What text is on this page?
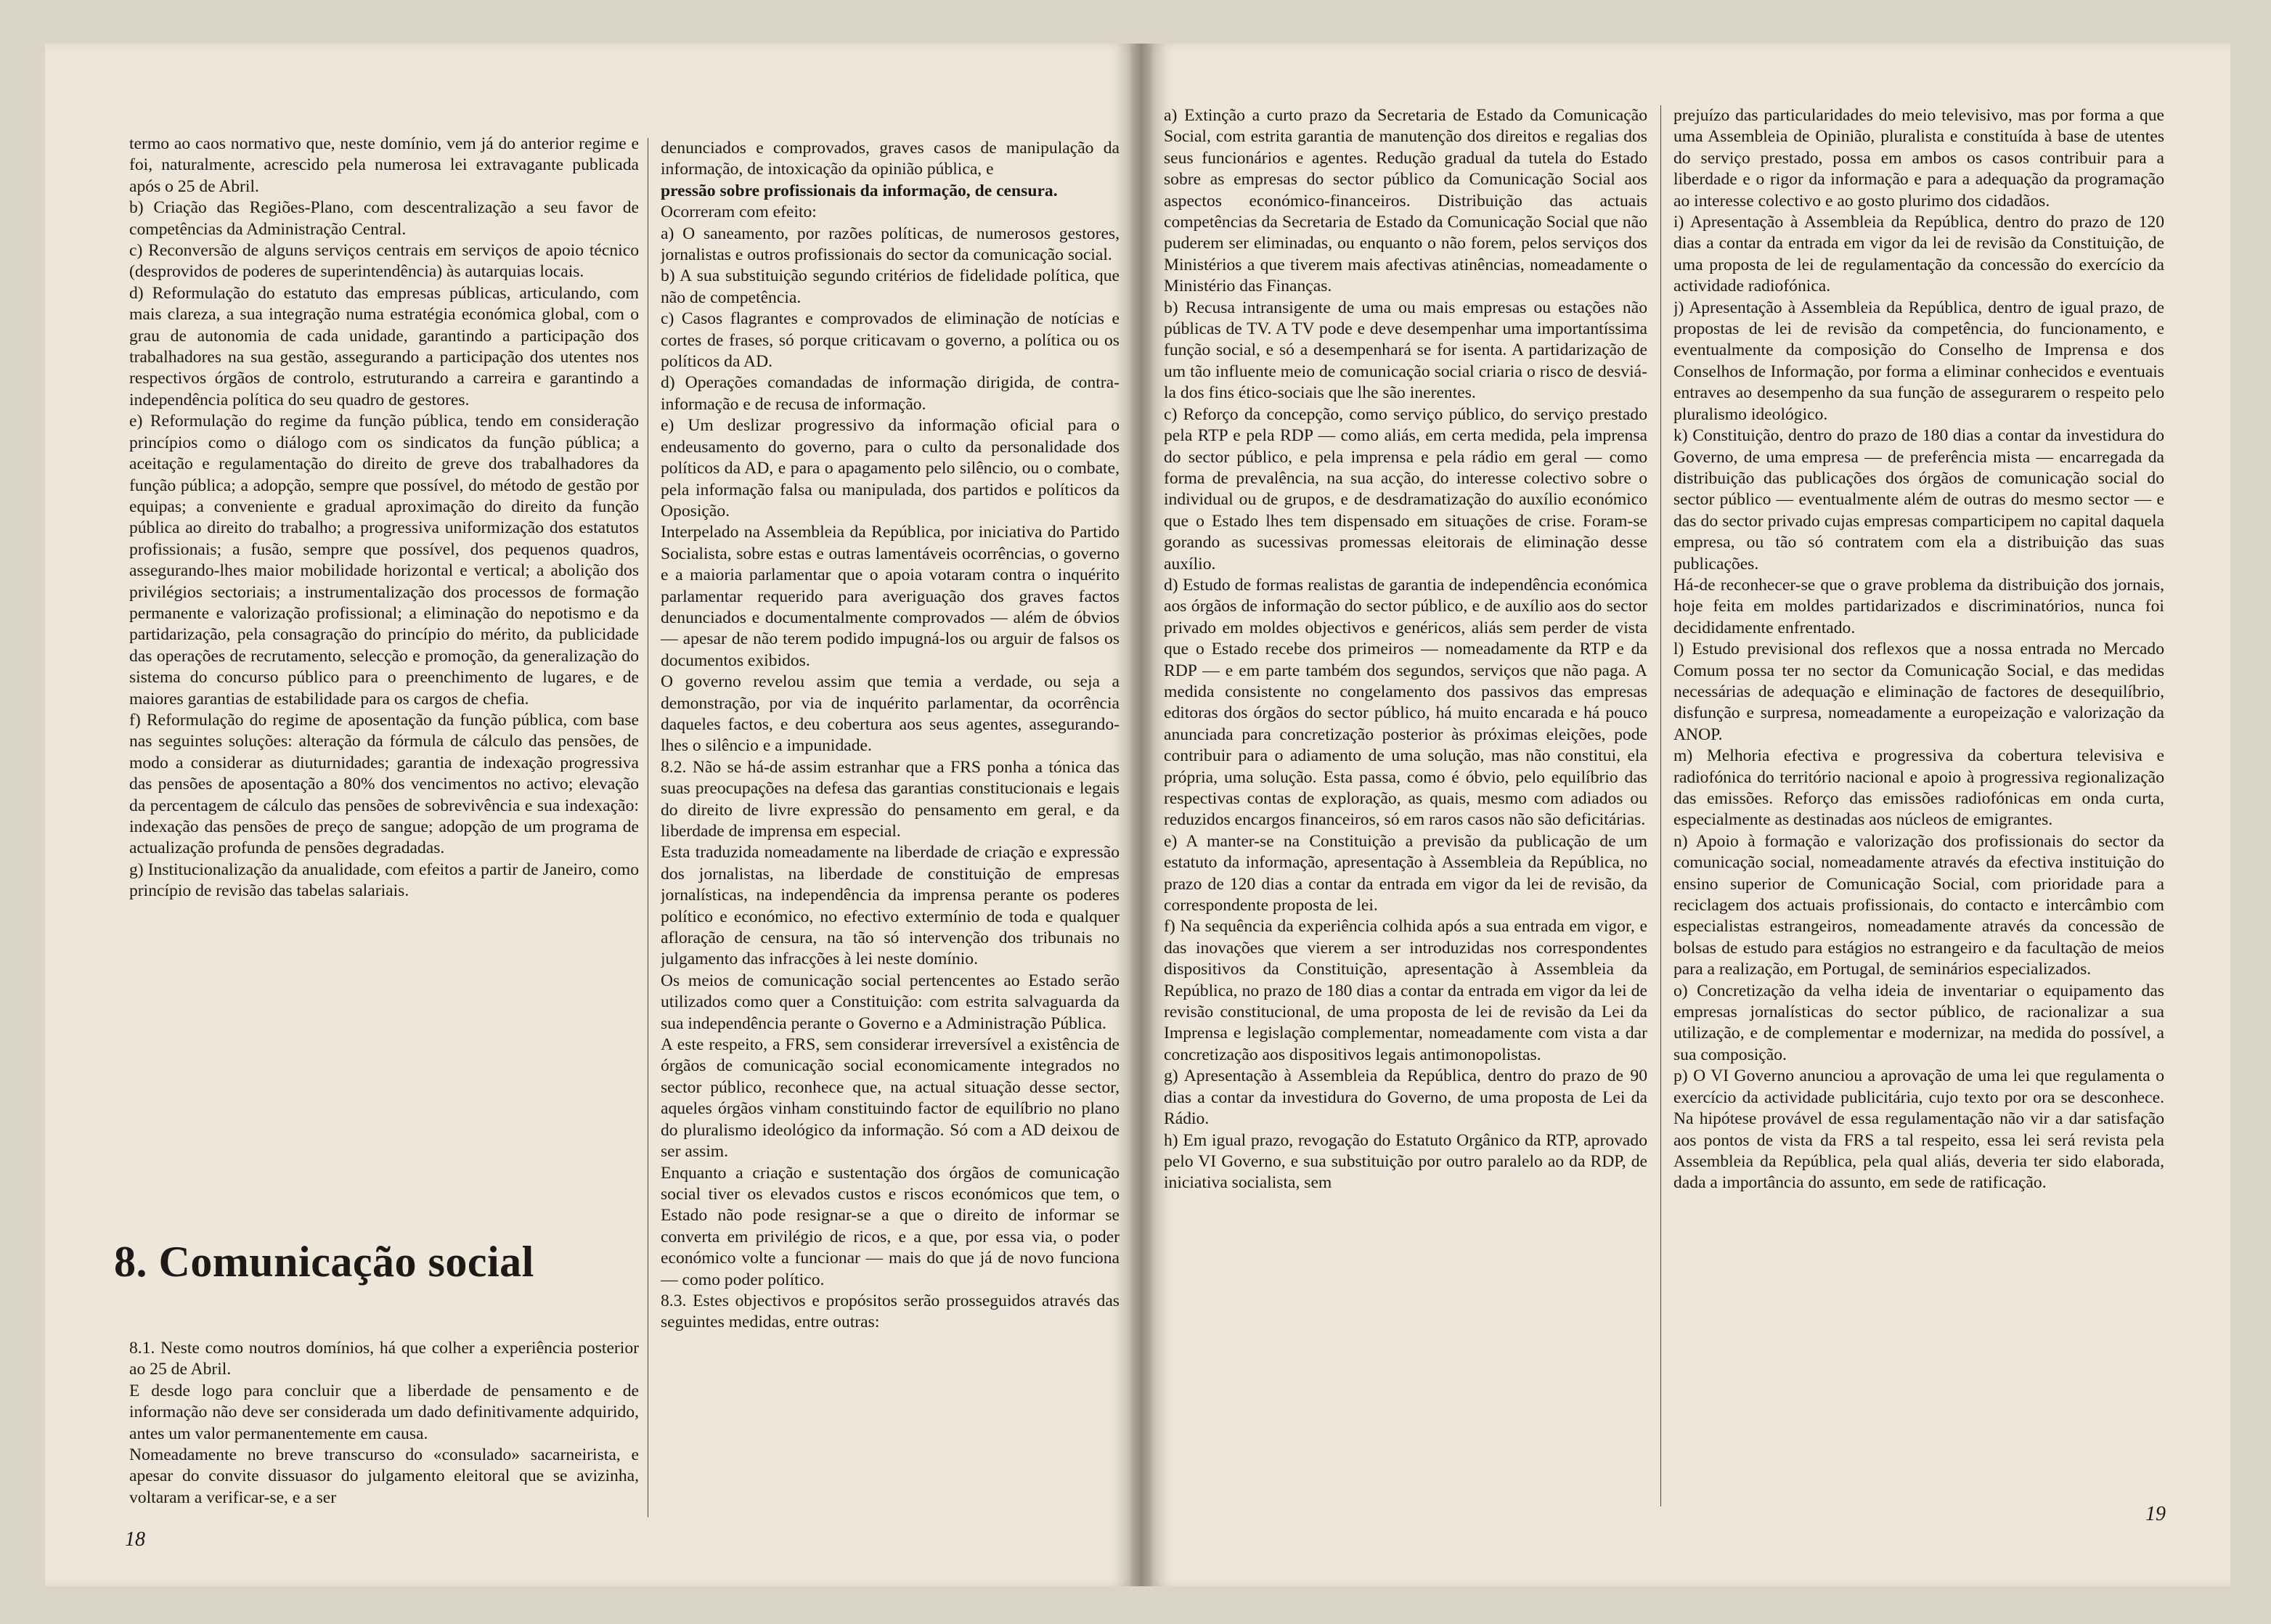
termo ao caos normativo que, neste domínio, vem já do anterior regime e foi, naturalmente, acrescido pela numerosa lei extravagante publicada após o 25 de Abril.

b) Criação das Regiões-Plano, com descentralização a seu favor de competências da Administração Central.

c) Reconversão de alguns serviços centrais em serviços de apoio técnico (desprovidos de poderes de superintendência) às autarquias locais.

d) Reformulação do estatuto das empresas públicas, articulando, com mais clareza, a sua integração numa estratégia económica global, com o grau de autonomia de cada unidade, garantindo a participação dos trabalhadores na sua gestão, assegurando a participação dos utentes nos respectivos órgãos de controlo, estruturando a carreira e garantindo a independência política do seu quadro de gestores.

e) Reformulação do regime da função pública, tendo em consideração princípios como o diálogo com os sindicatos da função pública; a aceitação e regulamentação do direito de greve dos trabalhadores da função pública; a adopção, sempre que possível, do método de gestão por equipas; a conveniente e gradual aproximação do direito da função pública ao direito do trabalho; a progressiva uniformização dos estatutos profissionais; a fusão, sempre que possível, dos pequenos quadros, assegurando-lhes maior mobilidade horizontal e vertical; a abolição dos privilégios sectoriais; a instrumentalização dos processos de formação permanente e valorização profissional; a eliminação do nepotismo e da partidarização, pela consagração do princípio do mérito, da publicidade das operações de recrutamento, selecção e promoção, da generalização do sistema do concurso público para o preenchimento de lugares, e de maiores garantias de estabilidade para os cargos de chefia.

f) Reformulação do regime de aposentação da função pública, com base nas seguintes soluções: alteração da fórmula de cálculo das pensões, de modo a considerar as diuturnidades; garantia de indexação progressiva das pensões de aposentação a 80% dos vencimentos no activo; elevação da percentagem de cálculo das pensões de sobrevivência e sua indexação: indexação das pensões de preço de sangue; adopção de um programa de actualização profunda de pensões degradadas.

g) Institucionalização da anualidade, com efeitos a partir de Janeiro, como princípio de revisão das tabelas salariais.

8. Comunicação social

8.1. Neste como noutros domínios, há que colher a experiência posterior ao 25 de Abril.

E desde logo para concluir que a liberdade de pensamento e de informação não deve ser considerada um dado definitivamente adquirido, antes um valor permanentemente em causa.

Nomeadamente no breve transcurso do «consulado» sacarneirista, e apesar do convite dissuasor do julgamento eleitoral que se avizinha, voltaram a verificar-se, e a ser

denunciados e comprovados, graves casos de manipulação da informação, de intoxicação da opinião pública, e

pressão sobre profissionais da informação, de censura.

Ocorreram com efeito:

a) O saneamento, por razões políticas, de numerosos gestores, jornalistas e outros profissionais do sector da comunicação social.

b) A sua substituição segundo critérios de fidelidade política, que não de competência.

c) Casos flagrantes e comprovados de eliminação de notícias e cortes de frases, só porque criticavam o governo, a política ou os políticos da AD.

d) Operações comandadas de informação dirigida, de contra-informação e de recusa de informação.

e) Um deslizar progressivo da informação oficial para o endeusamento do governo, para o culto da personalidade dos políticos da AD, e para o apagamento pelo silêncio, ou o combate, pela informação falsa ou manipulada, dos partidos e políticos da Oposição.

Interpelado na Assembleia da República, por iniciativa do Partido Socialista, sobre estas e outras lamentáveis ocorrências, o governo e a maioria parlamentar que o apoia votaram contra o inquérito parlamentar requerido para averiguação dos graves factos denunciados e documentalmente comprovados — além de óbvios — apesar de não terem podido impugná-los ou arguir de falsos os documentos exibidos.

O governo revelou assim que temia a verdade, ou seja a demonstração, por via de inquérito parlamentar, da ocorrência daqueles factos, e deu cobertura aos seus agentes, assegurando-lhes o silêncio e a impunidade.

8.2. Não se há-de assim estranhar que a FRS ponha a tónica das suas preocupações na defesa das garantias constitucionais e legais do direito de livre expressão do pensamento em geral, e da liberdade de imprensa em especial.

Esta traduzida nomeadamente na liberdade de criação e expressão dos jornalistas, na liberdade de constituição de empresas jornalísticas, na independência da imprensa perante os poderes político e económico, no efectivo extermínio de toda e qualquer afloração de censura, na tão só intervenção dos tribunais no julgamento das infracções à lei neste domínio.

Os meios de comunicação social pertencentes ao Estado serão utilizados como quer a Constituição: com estrita salvaguarda da sua independência perante o Governo e a Administração Pública.

A este respeito, a FRS, sem considerar irreversível a existência de órgãos de comunicação social economicamente integrados no sector público, reconhece que, na actual situação desse sector, aqueles órgãos vinham constituindo factor de equilíbrio no plano do pluralismo ideológico da informação. Só com a AD deixou de ser assim.

Enquanto a criação e sustentação dos órgãos de comunicação social tiver os elevados custos e riscos económicos que tem, o Estado não pode resignar-se a que o direito de informar se converta em privilégio de ricos, e a que, por essa via, o poder económico volte a funcionar — mais do que já de novo funciona — como poder político.

8.3. Estes objectivos e propósitos serão prosseguidos através das seguintes medidas, entre outras:

18

a) Extinção a curto prazo da Secretaria de Estado da Comunicação Social, com estrita garantia de manutenção dos direitos e regalias dos seus funcionários e agentes. Redução gradual da tutela do Estado sobre as empresas do sector público da Comunicação Social aos aspectos económico-financeiros. Distribuição das actuais competências da Secretaria de Estado da Comunicação Social que não puderem ser eliminadas, ou enquanto o não forem, pelos serviços dos Ministérios a que tiverem mais afectivas atinências, nomeadamente o Ministério das Finanças.

b) Recusa intransigente de uma ou mais empresas ou estações não públicas de TV. A TV pode e deve desempenhar uma importantíssima função social, e só a desempenhará se for isenta. A partidarização de um tão influente meio de comunicação social criaria o risco de desviá-la dos fins ético-sociais que lhe são inerentes.

c) Reforço da concepção, como serviço público, do serviço prestado pela RTP e pela RDP — como aliás, em certa medida, pela imprensa do sector público, e pela imprensa e pela rádio em geral — como forma de prevalência, na sua acção, do interesse colectivo sobre o individual ou de grupos, e de desdramatização do auxílio económico que o Estado lhes tem dispensado em situações de crise. Foram-se gorando as sucessivas promessas eleitorais de eliminação desse auxílio.

d) Estudo de formas realistas de garantia de independência económica aos órgãos de informação do sector público, e de auxílio aos do sector privado em moldes objectivos e genéricos, aliás sem perder de vista que o Estado recebe dos primeiros — nomeadamente da RTP e da RDP — e em parte também dos segundos, serviços que não paga. A medida consistente no congelamento dos passivos das empresas editoras dos órgãos do sector público, há muito encarada e há pouco anunciada para concretização posterior às próximas eleições, pode contribuir para o adiamento de uma solução, mas não constitui, ela própria, uma solução. Esta passa, como é óbvio, pelo equilíbrio das respectivas contas de exploração, as quais, mesmo com adiados ou reduzidos encargos financeiros, só em raros casos não são deficitárias.

e) A manter-se na Constituição a previsão da publicação de um estatuto da informação, apresentação à Assembleia da República, no prazo de 120 dias a contar da entrada em vigor da lei de revisão, da correspondente proposta de lei.

f) Na sequência da experiência colhida após a sua entrada em vigor, e das inovações que vierem a ser introduzidas nos correspondentes dispositivos da Constituição, apresentação à Assembleia da República, no prazo de 180 dias a contar da entrada em vigor da lei de revisão constitucional, de uma proposta de lei de revisão da Lei da Imprensa e legislação complementar, nomeadamente com vista a dar concretização aos dispositivos legais antimonopolistas.

g) Apresentação à Assembleia da República, dentro do prazo de 90 dias a contar da investidura do Governo, de uma proposta de Lei da Rádio.

h) Em igual prazo, revogação do Estatuto Orgânico da RTP, aprovado pelo VI Governo, e sua substituição por outro paralelo ao da RDP, de iniciativa socialista, sem

prejuízo das particularidades do meio televisivo, mas por forma a que uma Assembleia de Opinião, pluralista e constituída à base de utentes do serviço prestado, possa em ambos os casos contribuir para a liberdade e o rigor da informação e para a adequação da programação ao interesse colectivo e ao gosto plurimo dos cidadãos.

i) Apresentação à Assembleia da República, dentro do prazo de 120 dias a contar da entrada em vigor da lei de revisão da Constituição, de uma proposta de lei de regulamentação da concessão do exercício da actividade radiofónica.

j) Apresentação à Assembleia da República, dentro de igual prazo, de propostas de lei de revisão da competência, do funcionamento, e eventualmente da composição do Conselho de Imprensa e dos Conselhos de Informação, por forma a eliminar conhecidos e eventuais entraves ao desempenho da sua função de assegurarem o respeito pelo pluralismo ideológico.

k) Constituição, dentro do prazo de 180 dias a contar da investidura do Governo, de uma empresa — de preferência mista — encarregada da distribuição das publicações dos órgãos de comunicação social do sector público — eventualmente além de outras do mesmo sector — e das do sector privado cujas empresas comparticipem no capital daquela empresa, ou tão só contratem com ela a distribuição das suas publicações.

Há-de reconhecer-se que o grave problema da distribuição dos jornais, hoje feita em moldes partidarizados e discriminatórios, nunca foi decididamente enfrentado.

l) Estudo previsional dos reflexos que a nossa entrada no Mercado Comum possa ter no sector da Comunicação Social, e das medidas necessárias de adequação e eliminação de factores de desequilíbrio, disfunção e surpresa, nomeadamente a europeização e valorização da ANOP.

m) Melhoria efectiva e progressiva da cobertura televisiva e radiofónica do território nacional e apoio à progressiva regionalização das emissões. Reforço das emissões radiofónicas em onda curta, especialmente as destinadas aos núcleos de emigrantes.

n) Apoio à formação e valorização dos profissionais do sector da comunicação social, nomeadamente através da efectiva instituição do ensino superior de Comunicação Social, com prioridade para a reciclagem dos actuais profissionais, do contacto e intercâmbio com especialistas estrangeiros, nomeadamente através da concessão de bolsas de estudo para estágios no estrangeiro e da facultação de meios para a realização, em Portugal, de seminários especializados.

o) Concretização da velha ideia de inventariar o equipamento das empresas jornalísticas do sector público, de racionalizar a sua utilização, e de complementar e modernizar, na medida do possível, a sua composição.

p) O VI Governo anunciou a aprovação de uma lei que regulamenta o exercício da actividade publicitária, cujo texto por ora se desconhece. Na hipótese provável de essa regulamentação não vir a dar satisfação aos pontos de vista da FRS a tal respeito, essa lei será revista pela Assembleia da República, pela qual aliás, deveria ter sido elaborada, dada a importância do assunto, em sede de ratificação.

19
